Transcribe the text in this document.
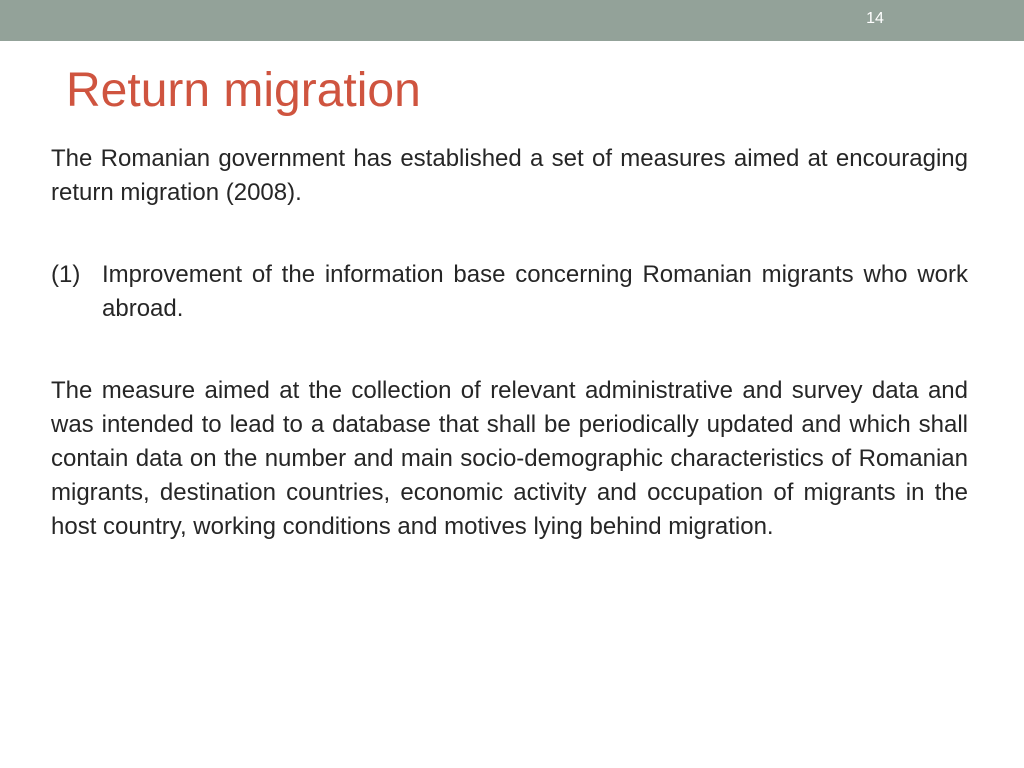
14
Return migration

The Romanian government has established a set of measures aimed at encouraging return migration (2008).

(1) Improvement of the information base concerning Romanian migrants who work abroad.

The measure aimed at the collection of relevant administrative and survey data and was intended to lead to a database that shall be periodically updated and which shall contain data on the number and main socio-demographic characteristics of Romanian migrants, destination countries, economic activity and occupation of migrants in the host country, working conditions and motives lying behind migration.
